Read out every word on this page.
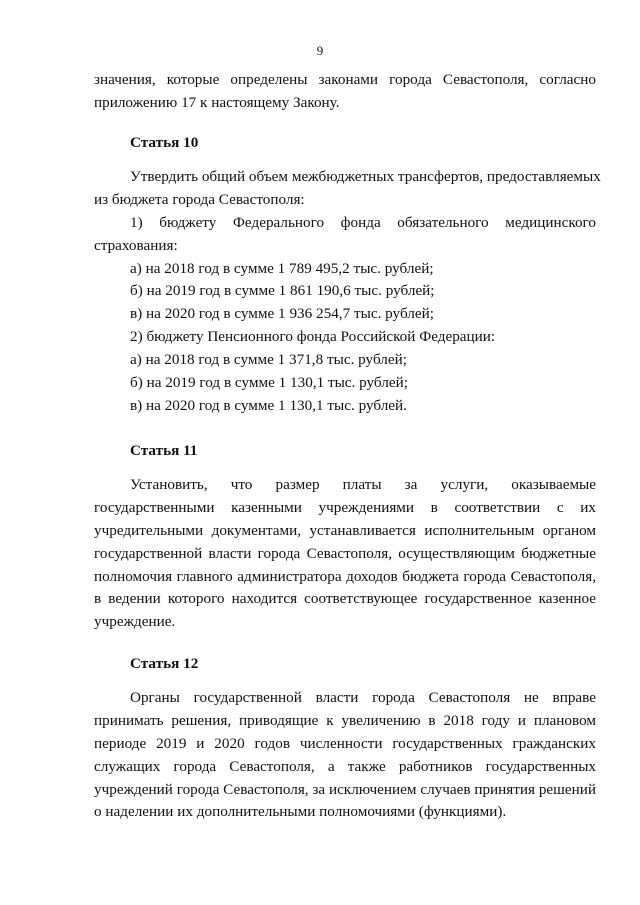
9
значения, которые определены законами города Севастополя, согласно
приложению 17 к настоящему Закону.
Статья 10
Утвердить общий объем межбюджетных трансфертов, предоставляемых
из бюджета города Севастополя:
1) бюджету Федерального фонда обязательного медицинского
страхования:
а) на 2018 год в сумме 1 789 495,2 тыс. рублей;
б) на 2019 год в сумме 1 861 190,6 тыс. рублей;
в) на 2020 год в сумме 1 936 254,7 тыс. рублей;
2) бюджету Пенсионного фонда Российской Федерации:
а) на 2018 год в сумме 1 371,8 тыс. рублей;
б) на 2019 год в сумме 1 130,1 тыс. рублей;
в) на 2020 год в сумме 1 130,1 тыс. рублей.
Статья 11
Установить, что размер платы за услуги, оказываемые
государственными казенными учреждениями в соответствии с их
учредительными документами, устанавливается исполнительным органом
государственной власти города Севастополя, осуществляющим бюджетные
полномочия главного администратора доходов бюджета города Севастополя,
в ведении которого находится соответствующее государственное казенное
учреждение.
Статья 12
Органы государственной власти города Севастополя не вправе
принимать решения, приводящие к увеличению в 2018 году и плановом
периоде 2019 и 2020 годов численности государственных гражданских
служащих города Севастополя, а также работников государственных
учреждений города Севастополя, за исключением случаев принятия решений
о наделении их дополнительными полномочиями (функциями).
